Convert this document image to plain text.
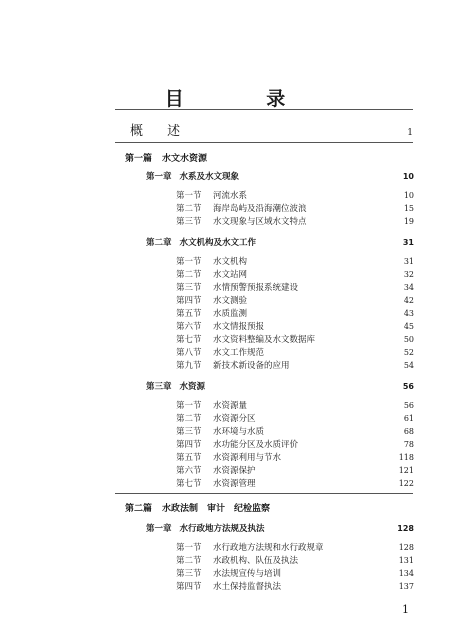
目 录
概 述	1
第一篇 水文水资源
第一章 水系及水文现象	10
第一节 河流水系	10
第二节 海岸岛屿及沿海潮位波浪	15
第三节 水文现象与区域水文特点	19
第二章 水文机构及水文工作	31
第一节 水文机构	31
第二节 水文站网	32
第三节 水情预警预报系统建设	34
第四节 水文测验	42
第五节 水质监测	43
第六节 水文情报预报	45
第七节 水文资料整编及水文数据库	50
第八节 水文工作规范	52
第九节 新技术新设备的应用	54
第三章 水资源	56
第一节 水资源量	56
第二节 水资源分区	61
第三节 水环境与水质	68
第四节 水功能分区及水质评价	78
第五节 水资源利用与节水	118
第六节 水资源保护	121
第七节 水资源管理	122
第二篇 水政法制　审计　纪检监察
第一章 水行政地方法规及执法	128
第一节 水行政地方法规和水行政规章	128
第二节 水政机构、队伍及执法	131
第三节 水法规宣传与培训	134
第四节 水土保持监督执法	137
1
